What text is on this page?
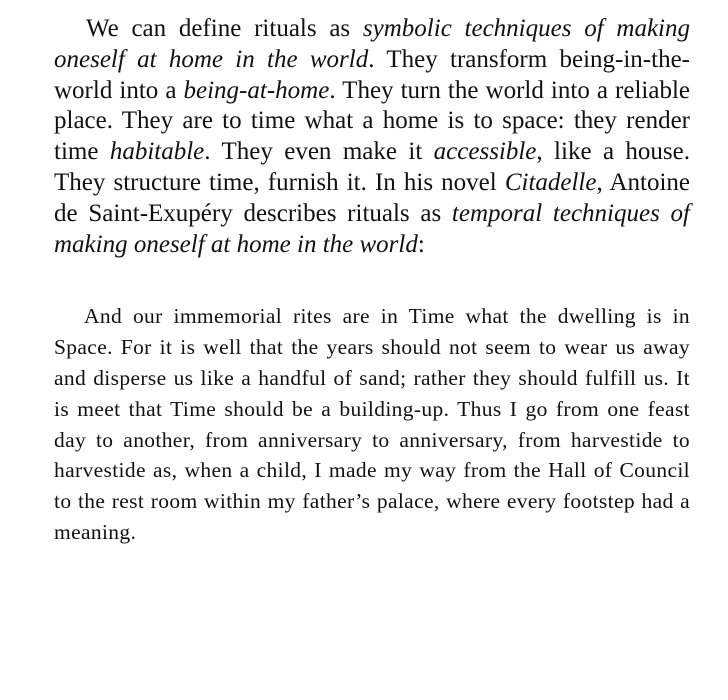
We can define rituals as symbolic techniques of making oneself at home in the world. They transform being-in-the-world into a being-at-home. They turn the world into a reliable place. They are to time what a home is to space: they render time habitable. They even make it accessible, like a house. They structure time, furnish it. In his novel Citadelle, Antoine de Saint-Exupéry describes rituals as temporal techniques of making oneself at home in the world:

And our immemorial rites are in Time what the dwelling is in Space. For it is well that the years should not seem to wear us away and disperse us like a handful of sand; rather they should fulfill us. It is meet that Time should be a building-up. Thus I go from one feast day to another, from anniversary to anniversary, from harvestide to harvestide as, when a child, I made my way from the Hall of Council to the rest room within my father’s palace, where every footstep had a meaning.
